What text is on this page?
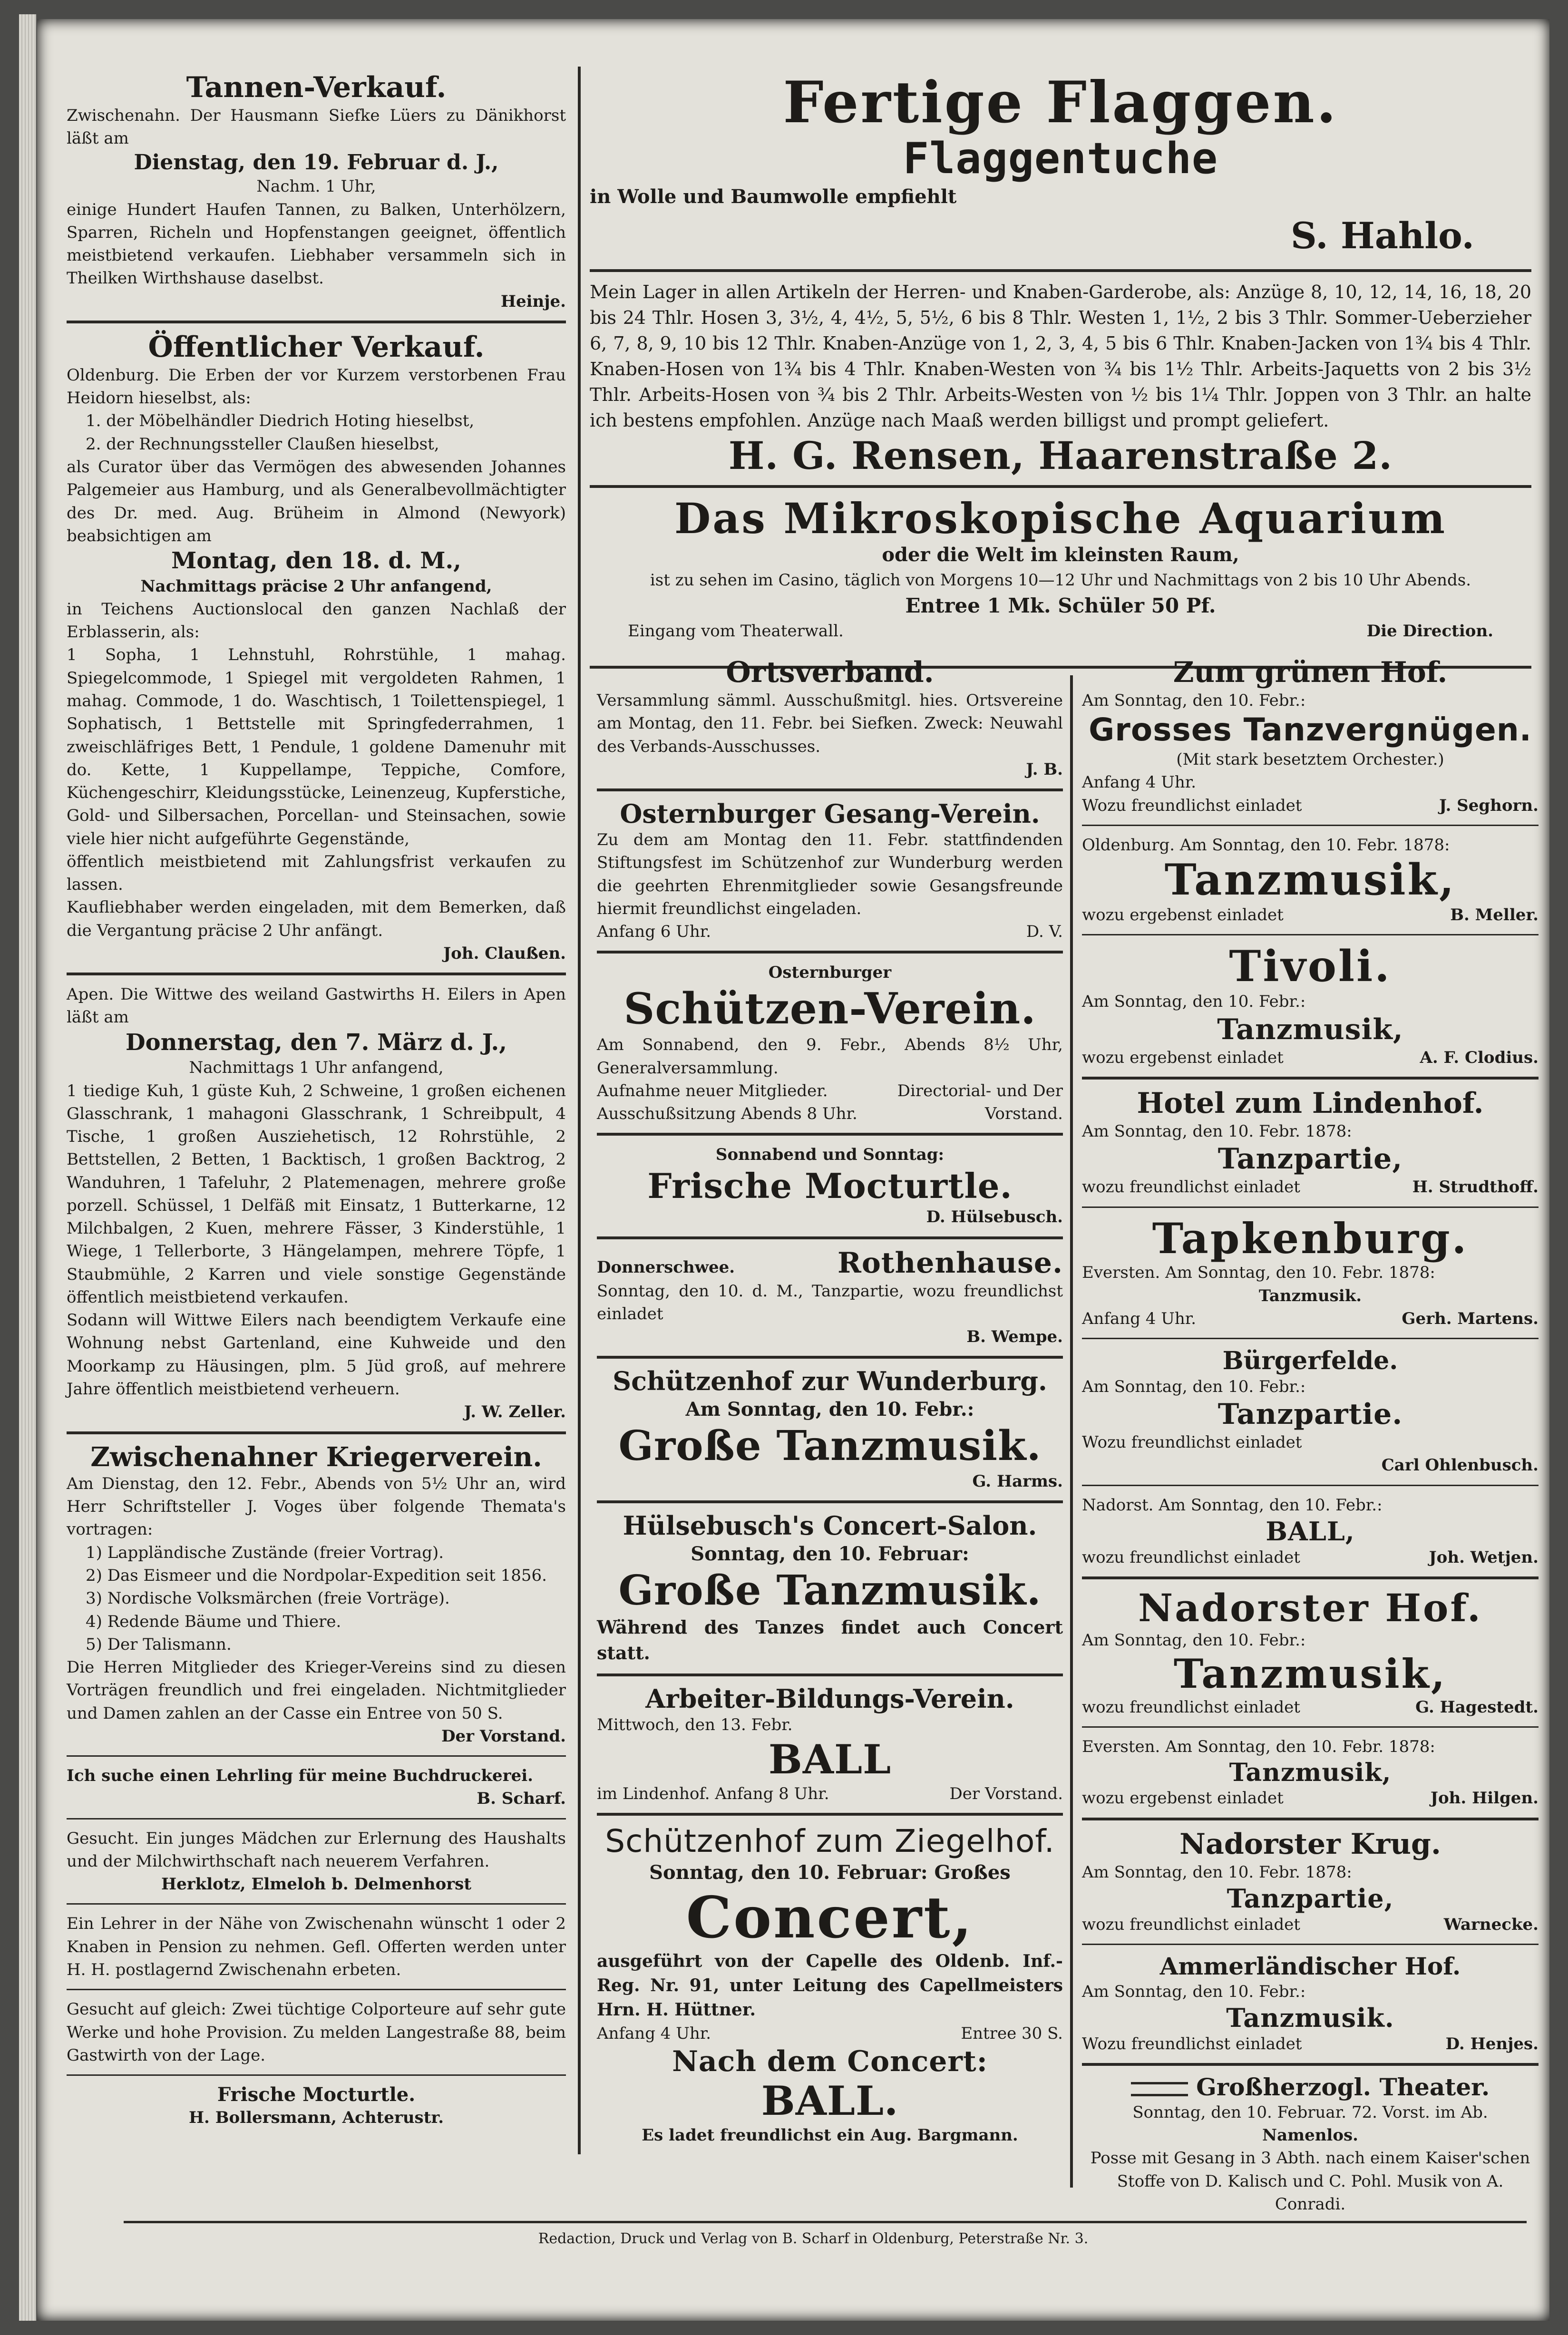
Tannen-Verkauf.

Zwischenahn. Der Hausmann Siefke Lüers zu Dänikhorst läßt am

Dienstag, den 19. Februar d. J.,

Nachm. 1 Uhr,

einige Hundert Haufen Tannen, zu Balken, Unterhölzern, Sparren, Richeln und Hopfenstangen geeignet, öffentlich meistbietend verkaufen. Liebhaber versammeln sich in Theilken Wirthshause daselbst.

Heinje.
Öffentlicher Verkauf.

Oldenburg. Die Erben der vor Kurzem verstorbenen Frau Heidorn hieselbst, als:

1. der Möbelhändler Diedrich Hoting hieselbst,

2. der Rechnungssteller Claußen hieselbst,

als Curator über das Vermögen des abwesenden Johannes Palgemeier aus Hamburg, und als Generalbevollmächtigter des Dr. med. Aug. Brüheim in Almond (Newyork) beabsichtigen am

Montag, den 18. d. M.,

Nachmittags präcise 2 Uhr anfangend,

in Teichens Auctionslocal den ganzen Nachlaß der Erblasserin, als:

1 Sopha, 1 Lehnstuhl, Rohrstühle, 1 mahag. Spiegelcommode, 1 Spiegel mit vergoldeten Rahmen, 1 mahag. Commode, 1 do. Waschtisch, 1 Toilettenspiegel, 1 Sophatisch, 1 Bettstelle mit Springfederrahmen, 1 zweischläfriges Bett, 1 Pendule, 1 goldene Damenuhr mit do. Kette, 1 Kuppellampe, Teppiche, Comfore, Küchengeschirr, Kleidungsstücke, Leinenzeug, Kupferstiche, Gold- und Silbersachen, Porcellan- und Steinsachen, sowie viele hier nicht aufgeführte Gegenstände,

öffentlich meistbietend mit Zahlungsfrist verkaufen zu lassen.

Kaufliebhaber werden eingeladen, mit dem Bemerken, daß die Vergantung präcise 2 Uhr anfängt.

Joh. Claußen.

Apen. Die Wittwe des weiland Gastwirths H. Eilers in Apen läßt am

Donnerstag, den 7. März d. J.,

Nachmittags 1 Uhr anfangend,

1 tiedige Kuh, 1 güste Kuh, 2 Schweine, 1 großen eichenen Glasschrank, 1 mahagoni Glasschrank, 1 Schreibpult, 4 Tische, 1 großen Ausziehetisch, 12 Rohrstühle, 2 Bettstellen, 2 Betten, 1 Backtisch, 1 großen Backtrog, 2 Wanduhren, 1 Tafeluhr, 2 Platemenagen, mehrere große porzell. Schüssel, 1 Delfäß mit Einsatz, 1 Butterkarne, 12 Milchbalgen, 2 Kuen, mehrere Fässer, 3 Kinderstühle, 1 Wiege, 1 Tellerborte, 3 Hängelampen, mehrere Töpfe, 1 Staubmühle, 2 Karren und viele sonstige Gegenstände öffentlich meistbietend verkaufen.

Sodann will Wittwe Eilers nach beendigtem Verkaufe eine Wohnung nebst Gartenland, eine Kuhweide und den Moorkamp zu Häusingen, plm. 5 Jüd groß, auf mehrere Jahre öffentlich meistbietend verheuern.

J. W. Zeller.
Zwischenahner Kriegerverein.

Am Dienstag, den 12. Febr., Abends von 5½ Uhr an, wird Herr Schriftsteller J. Voges über folgende Themata's vortragen:

1) Lappländische Zustände (freier Vortrag).

2) Das Eismeer und die Nordpolar-Expedition seit 1856.

3) Nordische Volksmärchen (freie Vorträge).

4) Redende Bäume und Thiere.

5) Der Talismann.

Die Herren Mitglieder des Krieger-Vereins sind zu diesen Vorträgen freundlich und frei eingeladen. Nichtmitglieder und Damen zahlen an der Casse ein Entree von 50 S.

Der Vorstand.

Ich suche einen Lehrling für meine Buchdruckerei.

B. Scharf.

Gesucht. Ein junges Mädchen zur Erlernung des Haushalts und der Milchwirthschaft nach neuerem Verfahren.

Herklotz, Elmeloh b. Delmenhorst

Ein Lehrer in der Nähe von Zwischenahn wünscht 1 oder 2 Knaben in Pension zu nehmen. Gefl. Offerten werden unter H. H. postlagernd Zwischenahn erbeten.

Gesucht auf gleich: Zwei tüchtige Colporteure auf sehr gute Werke und hohe Provision. Zu melden Langestraße 88, beim Gastwirth von der Lage.

Frische Mocturtle.
H. Bollersmann, Achterustr.
Fertige Flaggen.
Flaggentuche

in Wolle und Baumwolle empfiehlt

S. Hahlo.

Mein Lager in allen Artikeln der Herren- und Knaben-Garderobe, als: Anzüge 8, 10, 12, 14, 16, 18, 20 bis 24 Thlr. Hosen 3, 3½, 4, 4½, 5, 5½, 6 bis 8 Thlr. Westen 1, 1½, 2 bis 3 Thlr. Sommer-Ueberzieher 6, 7, 8, 9, 10 bis 12 Thlr. Knaben-Anzüge von 1, 2, 3, 4, 5 bis 6 Thlr. Knaben-Jacken von 1¾ bis 4 Thlr. Knaben-Hosen von 1¾ bis 4 Thlr. Knaben-Westen von ¾ bis 1½ Thlr. Arbeits-Jaquetts von 2 bis 3½ Thlr. Arbeits-Hosen von ¾ bis 2 Thlr. Arbeits-Westen von ½ bis 1¼ Thlr. Joppen von 3 Thlr. an halte ich bestens empfohlen. Anzüge nach Maaß werden billigst und prompt geliefert.

H. G. Rensen, Haarenstraße 2.
Das Mikroskopische Aquarium

oder die Welt im kleinsten Raum,

ist zu sehen im Casino, täglich von Morgens 10—12 Uhr und Nachmittags von 2 bis 10 Uhr Abends.

Entree 1 Mk. Schüler 50 Pf.

Eingang vom Theaterwall.	Die Direction.
Ortsverband.

Versammlung sämml. Ausschußmitgl. hies. Ortsvereine am Montag, den 11. Febr. bei Siefken. Zweck: Neuwahl des Verbands-Ausschusses.

J. B.
Osternburger Gesang-Verein.

Zu dem am Montag den 11. Febr. stattfindenden Stiftungsfest im Schützenhof zur Wunderburg werden die geehrten Ehrenmitglieder sowie Gesangsfreunde hiermit freundlichst eingeladen.

Anfang 6 Uhr.	D. V.

Osternburger

Schützen-Verein.

Am Sonnabend, den 9. Febr., Abends 8½ Uhr, Generalversammlung.

Aufnahme neuer Mitglieder. Ausschußsitzung Abends 8 Uhr.
Directorial- und Der Vorstand.

Sonnabend und Sonntag:

Frische Mocturtle.
D. Hülsebusch.
Donnerschwee.	Rothenhause.

Sonntag, den 10. d. M., Tanzpartie, wozu freundlichst einladet

B. Wempe.
Schützenhof zur Wunderburg.

Am Sonntag, den 10. Febr.:

Große Tanzmusik.
G. Harms.
Hülsebusch's Concert-Salon.

Sonntag, den 10. Februar:

Große Tanzmusik.

Während des Tanzes findet auch Concert statt.

Arbeiter-Bildungs-Verein.

Mittwoch, den 13. Febr.

BALL
im Lindenhof. Anfang 8 Uhr.	Der Vorstand.
Schützenhof zum Ziegelhof.

Sonntag, den 10. Februar: Großes

Concert,

ausgeführt von der Capelle des Oldenb. Inf.-Reg. Nr. 91, unter Leitung des Capellmeisters Hrn. H. Hüttner.

Anfang 4 Uhr.	Entree 30 S.
Nach dem Concert:
BALL.
Es ladet freundlichst ein Aug. Bargmann.
Zum grünen Hof.

Am Sonntag, den 10. Febr.:

Grosses Tanzvergnügen.

(Mit stark besetztem Orchester.)

Anfang 4 Uhr.

Wozu freundlichst einladet	J. Seghorn.

Oldenburg. Am Sonntag, den 10. Febr. 1878:

Tanzmusik,
wozu ergebenst einladet	B. Meller.
Tivoli.

Am Sonntag, den 10. Febr.:

Tanzmusik,
wozu ergebenst einladet	A. F. Clodius.
Hotel zum Lindenhof.

Am Sonntag, den 10. Febr. 1878:

Tanzpartie,
wozu freundlichst einladet	H. Strudthoff.
Tapkenburg.

Eversten. Am Sonntag, den 10. Febr. 1878:

Tanzmusik.

Anfang 4 Uhr.	Gerh. Martens.
Bürgerfelde.

Am Sonntag, den 10. Febr.:

Tanzpartie.

Wozu freundlichst einladet

Carl Ohlenbusch.

Nadorst. Am Sonntag, den 10. Febr.:

BALL,
wozu freundlichst einladet	Joh. Wetjen.
Nadorster Hof.

Am Sonntag, den 10. Febr.:

Tanzmusik,
wozu freundlichst einladet	G. Hagestedt.

Eversten. Am Sonntag, den 10. Febr. 1878:

Tanzmusik,
wozu ergebenst einladet	Joh. Hilgen.
Nadorster Krug.

Am Sonntag, den 10. Febr. 1878:

Tanzpartie,
wozu freundlichst einladet	Warnecke.
Ammerländischer Hof.

Am Sonntag, den 10. Febr.:

Tanzmusik.
Wozu freundlichst einladet	D. Henjes.
Großherzogl. Theater.

Sonntag, den 10. Februar. 72. Vorst. im Ab.

Namenlos.

Posse mit Gesang in 3 Abth. nach einem Kaiser'schen Stoffe von D. Kalisch und C. Pohl. Musik von A. Conradi.

Redaction, Druck und Verlag von B. Scharf in Oldenburg, Peterstraße Nr. 3.
